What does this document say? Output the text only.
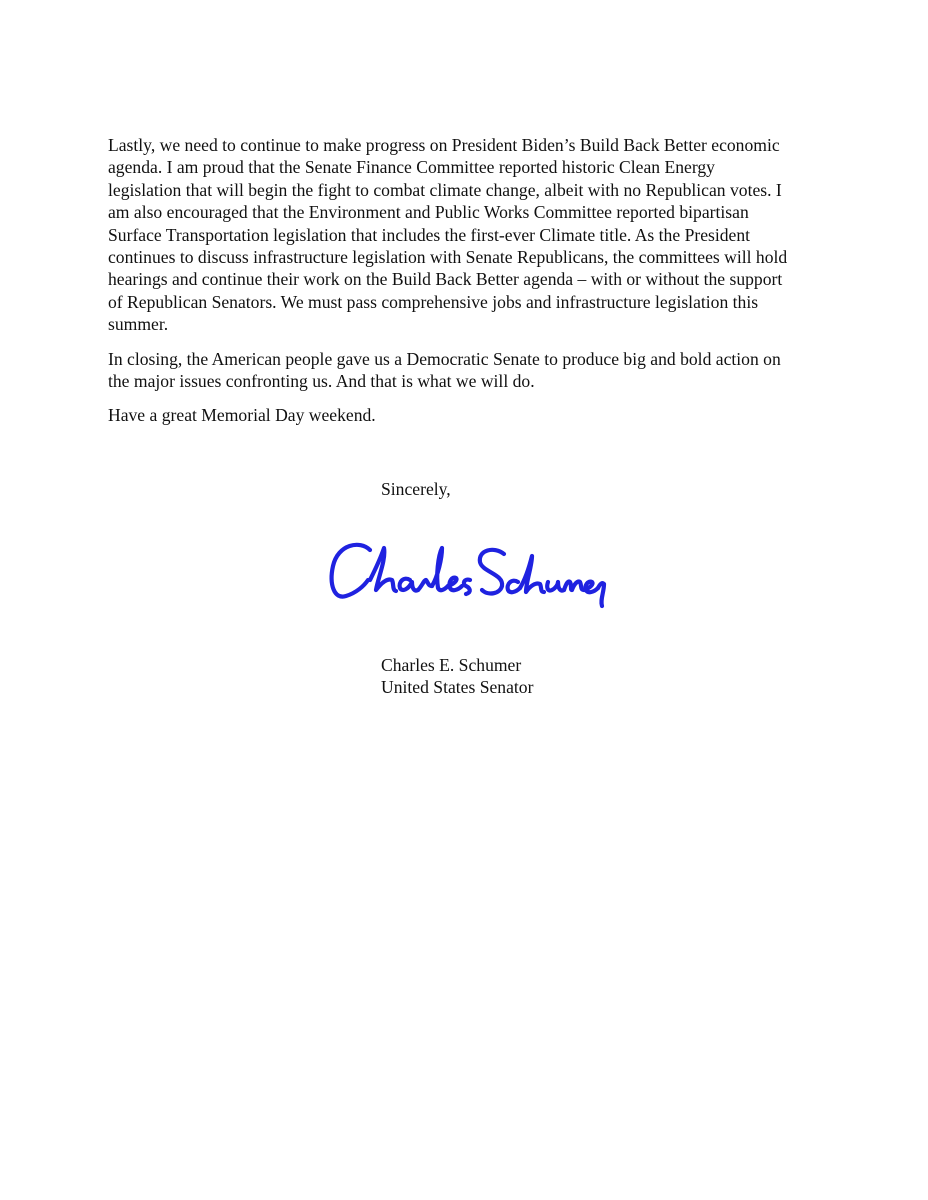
Lastly, we need to continue to make progress on President Biden’s Build Back Better economic
agenda. I am proud that the Senate Finance Committee reported historic Clean Energy
legislation that will begin the fight to combat climate change, albeit with no Republican votes. I
am also encouraged that the Environment and Public Works Committee reported bipartisan
Surface Transportation legislation that includes the first-ever Climate title. As the President
continues to discuss infrastructure legislation with Senate Republicans, the committees will hold
hearings and continue their work on the Build Back Better agenda – with or without the support
of Republican Senators. We must pass comprehensive jobs and infrastructure legislation this
summer.

In closing, the American people gave us a Democratic Senate to produce big and bold action on
the major issues confronting us. And that is what we will do.

Have a great Memorial Day weekend.

Sincerely,
Charles E. Schumer
United States Senator
